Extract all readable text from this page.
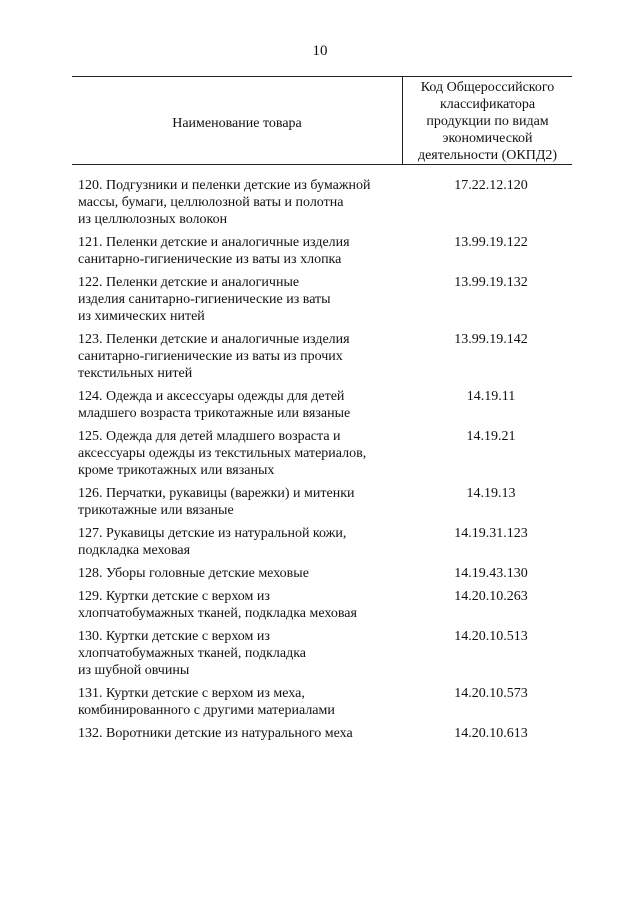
10
Наименование товара
Код Общероссийского
классификатора
продукции по видам
экономической
деятельности (ОКПД2)
120. Подгузники и пеленки детские из бумажной
массы, бумаги, целлюлозной ваты и полотна
из целлюлозных волокон
17.22.12.120
121. Пеленки детские и аналогичные изделия
санитарно-гигиенические из ваты из хлопка
13.99.19.122
122. Пеленки детские и аналогичные
изделия санитарно-гигиенические из ваты
из химических нитей
13.99.19.132
123. Пеленки детские и аналогичные изделия
санитарно-гигиенические из ваты из прочих
текстильных нитей
13.99.19.142
124. Одежда и аксессуары одежды для детей
младшего возраста трикотажные или вязаные
14.19.11
125. Одежда для детей младшего возраста и
аксессуары одежды из текстильных материалов,
кроме трикотажных или вязаных
14.19.21
126. Перчатки, рукавицы (варежки) и митенки
трикотажные или вязаные
14.19.13
127. Рукавицы детские из натуральной кожи,
подкладка меховая
14.19.31.123
128. Уборы головные детские меховые	14.19.43.130
129. Куртки детские с верхом из
хлопчатобумажных тканей, подкладка меховая
14.20.10.263
130. Куртки детские с верхом из
хлопчатобумажных тканей, подкладка
из шубной овчины
14.20.10.513
131. Куртки детские с верхом из меха,
комбинированного с другими материалами
14.20.10.573
132. Воротники детские из натурального меха	14.20.10.613
